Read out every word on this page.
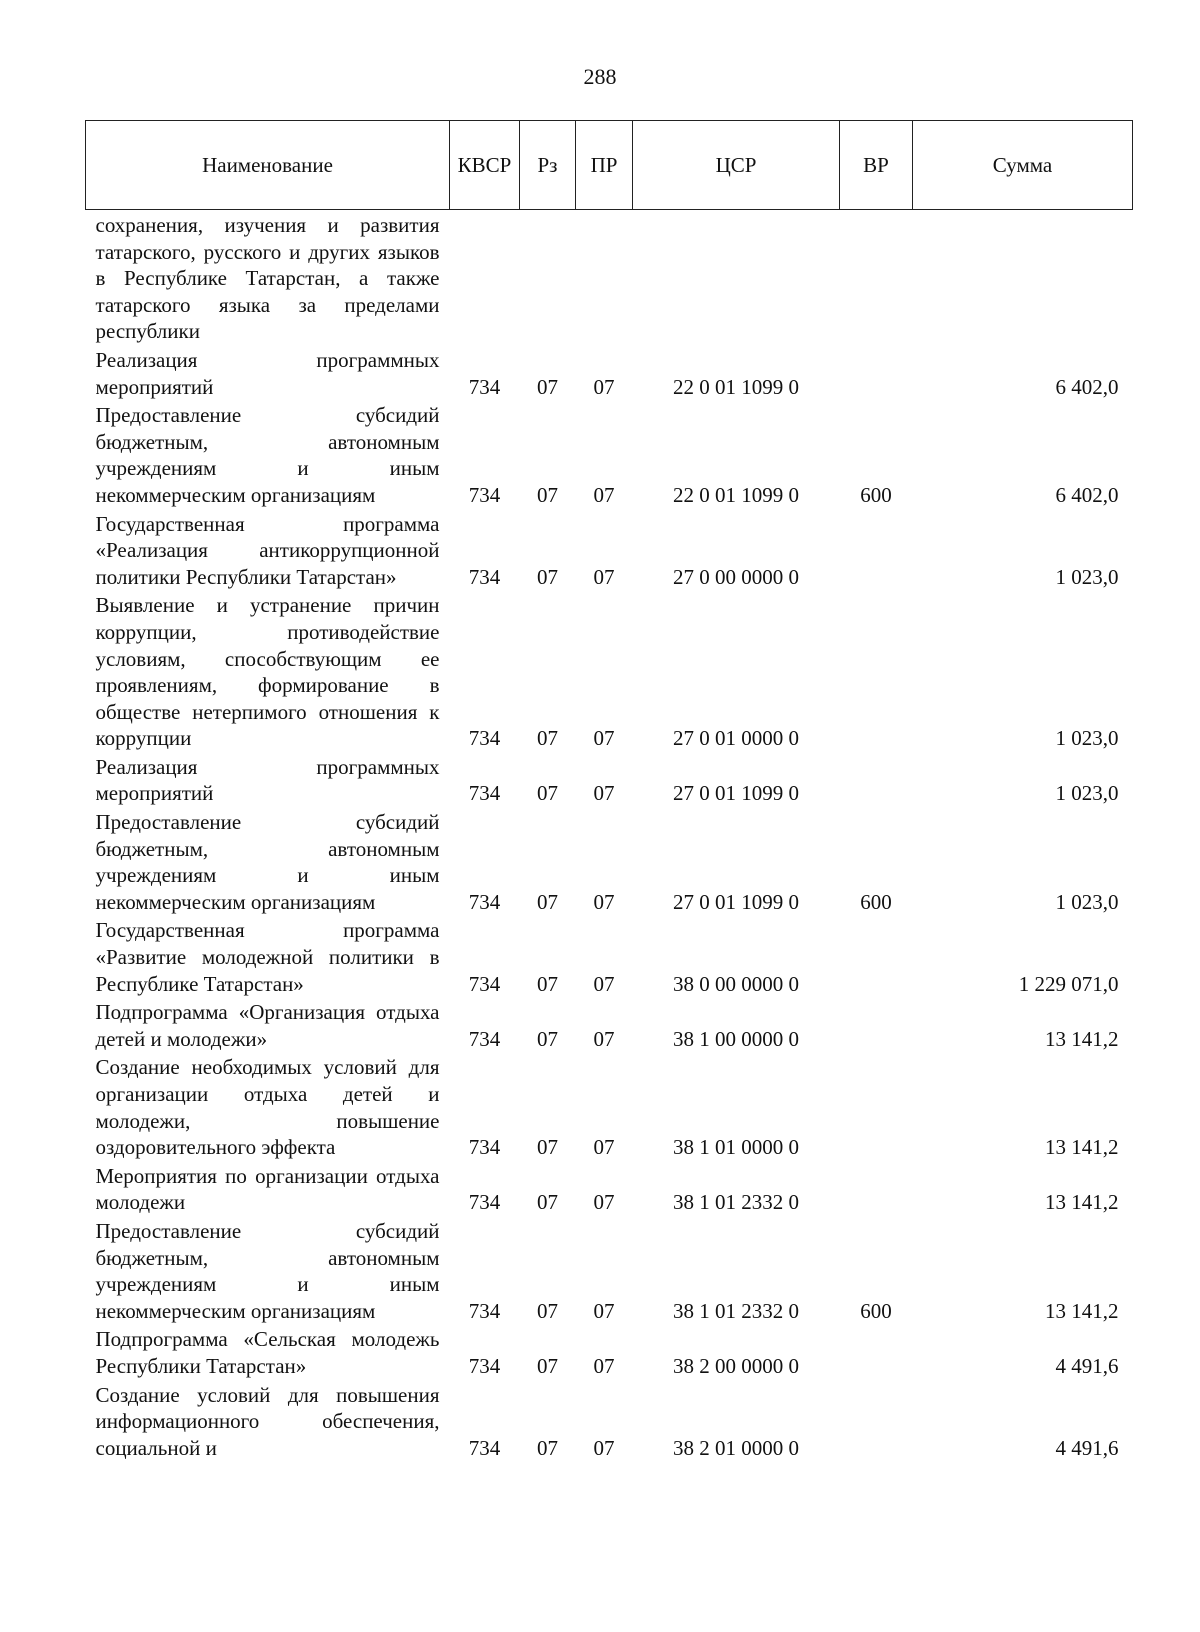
288
Наименование	КВСР	Рз	ПР	ЦСР	ВР	Сумма
сохранения, изучения и развития татарского, русского и других языков в Республике Татарстан, а также татарского языка за пределами республики						
Реализация программных мероприятий	734	07	07	22 0 01 1099 0		6 402,0
Предоставление субсидий бюджетным, автономным учреждениям и иным некоммерческим организациям	734	07	07	22 0 01 1099 0	600	6 402,0
Государственная программа «Реализация антикоррупционной политики Республики Татарстан»	734	07	07	27 0 00 0000 0		1 023,0
Выявление и устранение причин коррупции, противодействие условиям, способствующим ее проявлениям, формирование в обществе нетерпимого отношения к коррупции	734	07	07	27 0 01 0000 0		1 023,0
Реализация программных мероприятий	734	07	07	27 0 01 1099 0		1 023,0
Предоставление субсидий бюджетным, автономным учреждениям и иным некоммерческим организациям	734	07	07	27 0 01 1099 0	600	1 023,0
Государственная программа «Развитие молодежной политики в Республике Татарстан»	734	07	07	38 0 00 0000 0		1 229 071,0
Подпрограмма «Организация отдыха детей и молодежи»	734	07	07	38 1 00 0000 0		13 141,2
Создание необходимых условий для организации отдыха детей и молодежи, повышение оздоровительного эффекта	734	07	07	38 1 01 0000 0		13 141,2
Мероприятия по организации отдыха молодежи	734	07	07	38 1 01 2332 0		13 141,2
Предоставление субсидий бюджетным, автономным учреждениям и иным некоммерческим организациям	734	07	07	38 1 01 2332 0	600	13 141,2
Подпрограмма «Сельская молодежь Республики Татарстан»	734	07	07	38 2 00 0000 0		4 491,6
Создание условий для повышения информационного обеспечения, социальной и	734	07	07	38 2 01 0000 0		4 491,6
